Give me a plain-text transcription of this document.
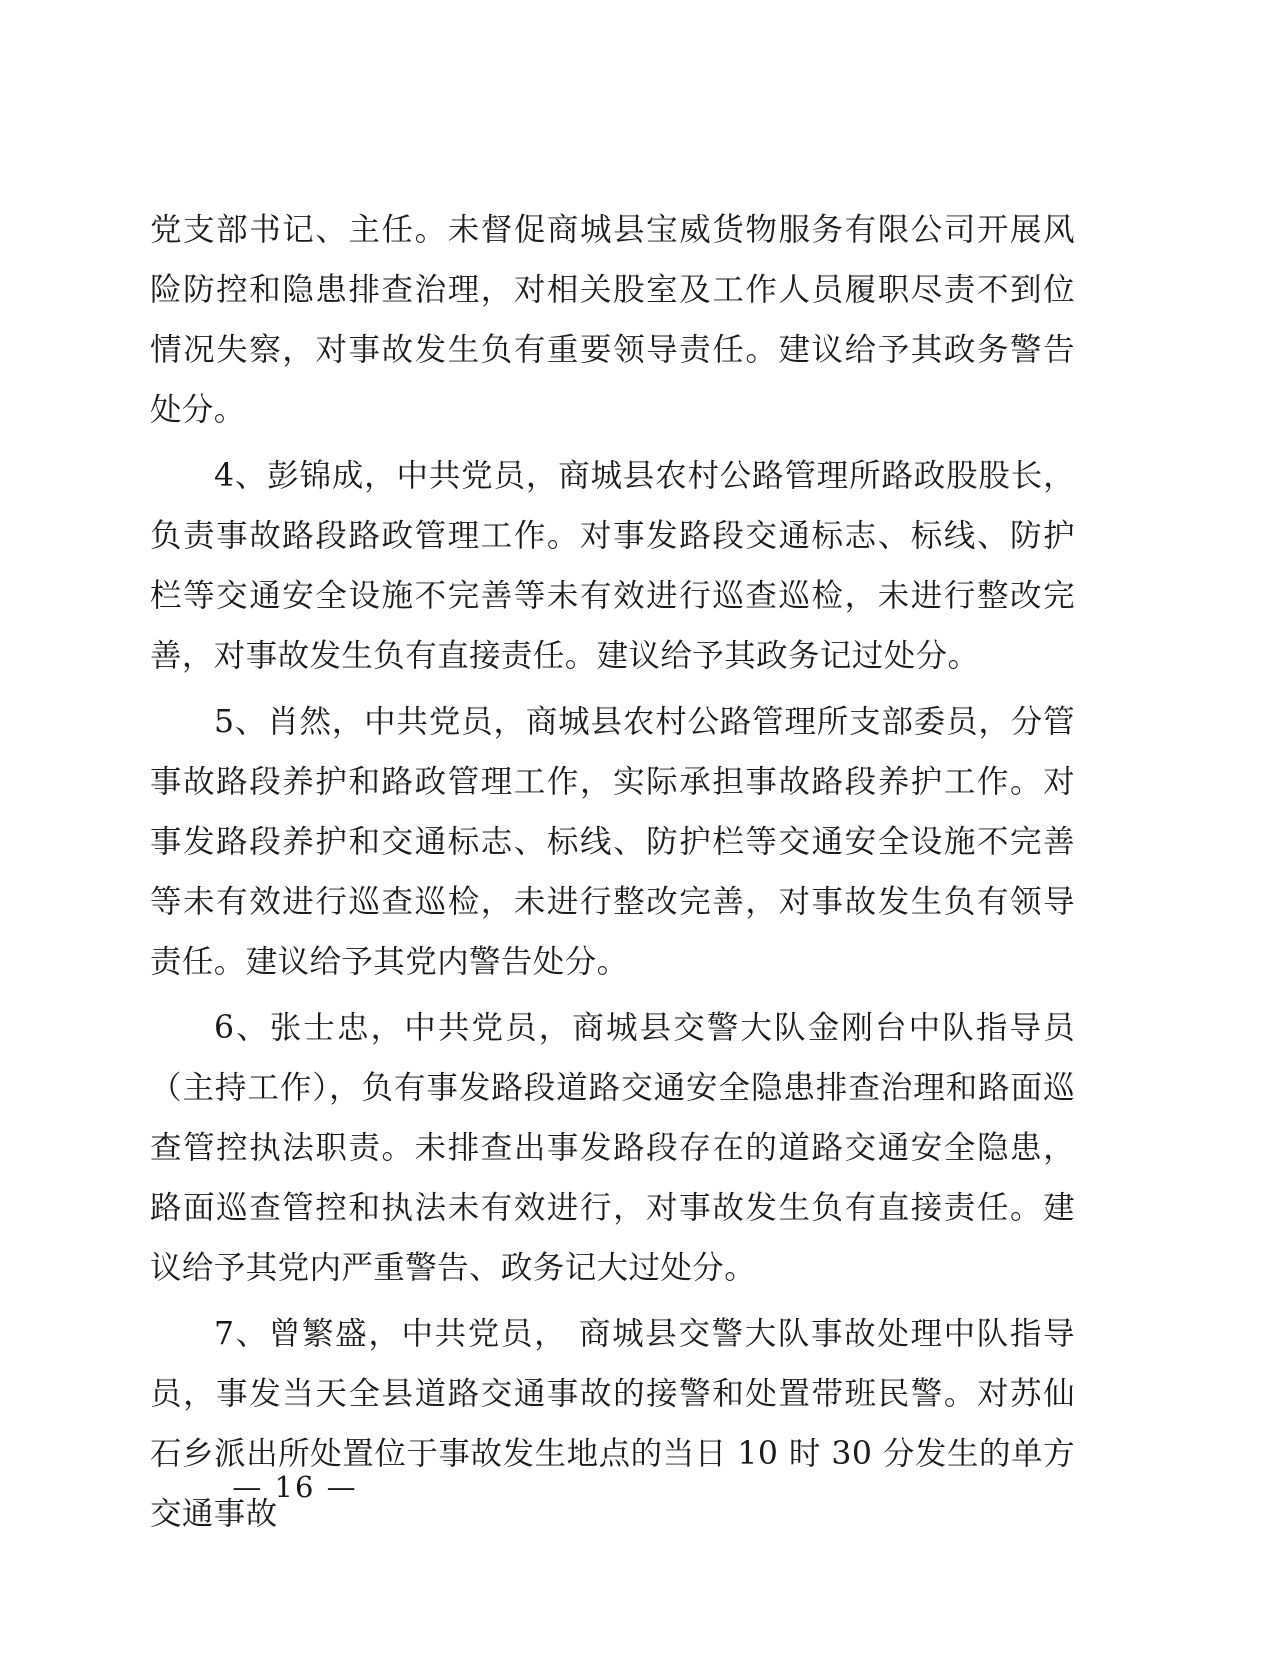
党支部书记、主任。未督促商城县宝威货物服务有限公司开展风险防控和隐患排查治理，对相关股室及工作人员履职尽责不到位情况失察，对事故发生负有重要领导责任。建议给予其政务警告处分。

4、彭锦成，中共党员，商城县农村公路管理所路政股股长，负责事故路段路政管理工作。对事发路段交通标志、标线、防护栏等交通安全设施不完善等未有效进行巡查巡检，未进行整改完善，对事故发生负有直接责任。建议给予其政务记过处分。

5、肖然，中共党员，商城县农村公路管理所支部委员，分管事故路段养护和路政管理工作，实际承担事故路段养护工作。对事发路段养护和交通标志、标线、防护栏等交通安全设施不完善等未有效进行巡查巡检，未进行整改完善，对事故发生负有领导责任。建议给予其党内警告处分。

6、张士忠，中共党员，商城县交警大队金刚台中队指导员（主持工作），负有事发路段道路交通安全隐患排查治理和路面巡查管控执法职责。未排查出事发路段存在的道路交通安全隐患，路面巡查管控和执法未有效进行，对事故发生负有直接责任。建议给予其党内严重警告、政务记大过处分。

7、曾繁盛，中共党员， 商城县交警大队事故处理中队指导员，事发当天全县道路交通事故的接警和处置带班民警。对苏仙石乡派出所处置位于事故发生地点的当日 10 时 30 分发生的单方交通事故

— 16 —
